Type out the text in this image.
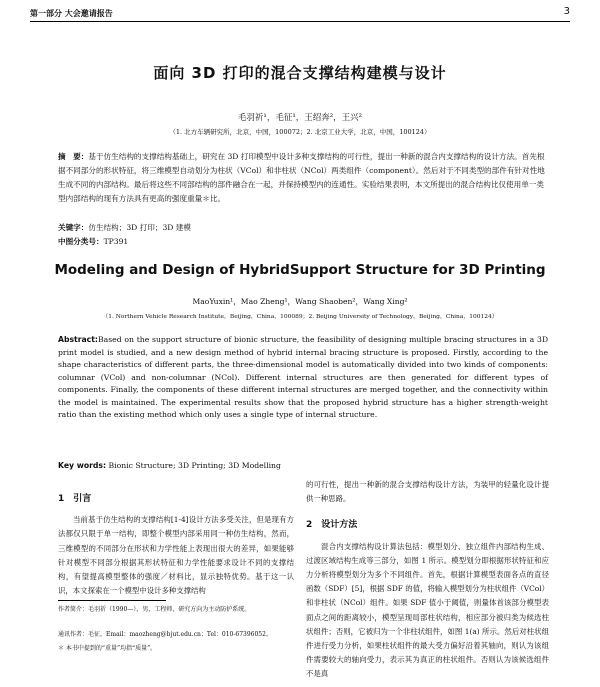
第一部分 大会邀请报告	3
面向 3D 打印的混合支撑结构建模与设计
毛羽祈¹，毛征¹，王绍奔²，王兴²
（1. 北方车辆研究所，北京，中国，100072；2. 北京工业大学，北京，中国，100124）
摘　要：基于仿生结构的支撑结构基础上，研究在 3D 打印模型中设计多种支撑结构的可行性，提出一种新的混合内支撑结构的设计方法。首先根据不同部分的形状特征，将三维模型自动划分为柱状（VCol）和非柱状（NCol）两类组件（component）。然后对于不同类型的部件有针对性地生成不同的内部结构。最后将这些不同部结构的部件融合在一起，并保持模型内的连通性。实验结果表明，本文所提出的混合结构比仅使用单一类型内部结构的现有方法具有更高的强度重量＊比。
关键字：仿生结构；3D 打印；3D 建模
中图分类号：TP391
Modeling and Design of HybridSupport Structure for 3D Printing
MaoYuxin¹，Mao Zheng¹，Wang Shaoben²，Wang Xing²
（1. Northern Vehicle Research Institute，Beijing，China，100089；2. Beijing University of Technology，Beijing，China，100124）
Abstract:Based on the support structure of bionic structure, the feasibility of designing multiple bracing structures in a 3D print model is studied, and a new design method of hybrid internal bracing structure is proposed. Firstly, according to the shape characteristics of different parts, the three-dimensional model is automatically divided into two kinds of components: columnar (VCol) and non-columnar (NCol). Different internal structures are then generated for different types of components. Finally, the components of these different internal structures are merged together, and the connectivity within the model is maintained. The experimental results show that the proposed hybrid structure has a higher strength-weight ratio than the existing method which only uses a single type of internal structure.
Key words: Bionic Structure; 3D Printing; 3D Modelling
1　引言

当前基于仿生结构的支撑结构[1-4]设计方法多受关注，但是现有方法都仅只限于单一结构，即整个模型内部采用同一种仿生结构，然而，三维模型的不同部分在形状和力学性能上表现出很大的差异，如果能够针对模型不同部分根据其形状特征和力学性能要求设计不同的支撑结构，有望提高模型整体的强度／材料比，显示独特优势。基于这一认识，本文探索在一个模型中设计多种支撑结构

的可行性，提出一种新的混合支撑结构设计方法，为装甲的轻量化设计提供一种思路。

2　设计方法

混合内支撑结构设计算法包括：模型划分、独立组件内部结构生成、过渡区域结构生成等三部分，如图 1 所示。模型划分即根据形状特征和应力分析将模型划分为多个不同组件。首先，根据计算模型表面各点的直径函数（SDF）[5]，根据 SDF 的值，将输入模型划分为柱状组件（VCol）和非柱状（NCol）组件。如果 SDF 值小于阈值，则量体首该部分模型表面点之间的距离较小，模型呈现局部柱状结构，相应部分被归类为候选柱状组件；否则，它被归为一个非柱状组件，如图 1(a) 所示。然后对柱状组件进行受力分析，如果柱状组件的最大受力偏好沿着其轴向，则认为该组件需要较大的轴向受力，表示其为真正的柱状组件。否则认为该候选组件不是真

作者简介：毛羽祈（1990—），男，工程师，研究方向为主动防护系统。
通讯作者：毛征，Email：maozheng@bjut.edu.cn；Tel：010-67396052。
＊ 本书中提到的“重量”均指“质量”。
